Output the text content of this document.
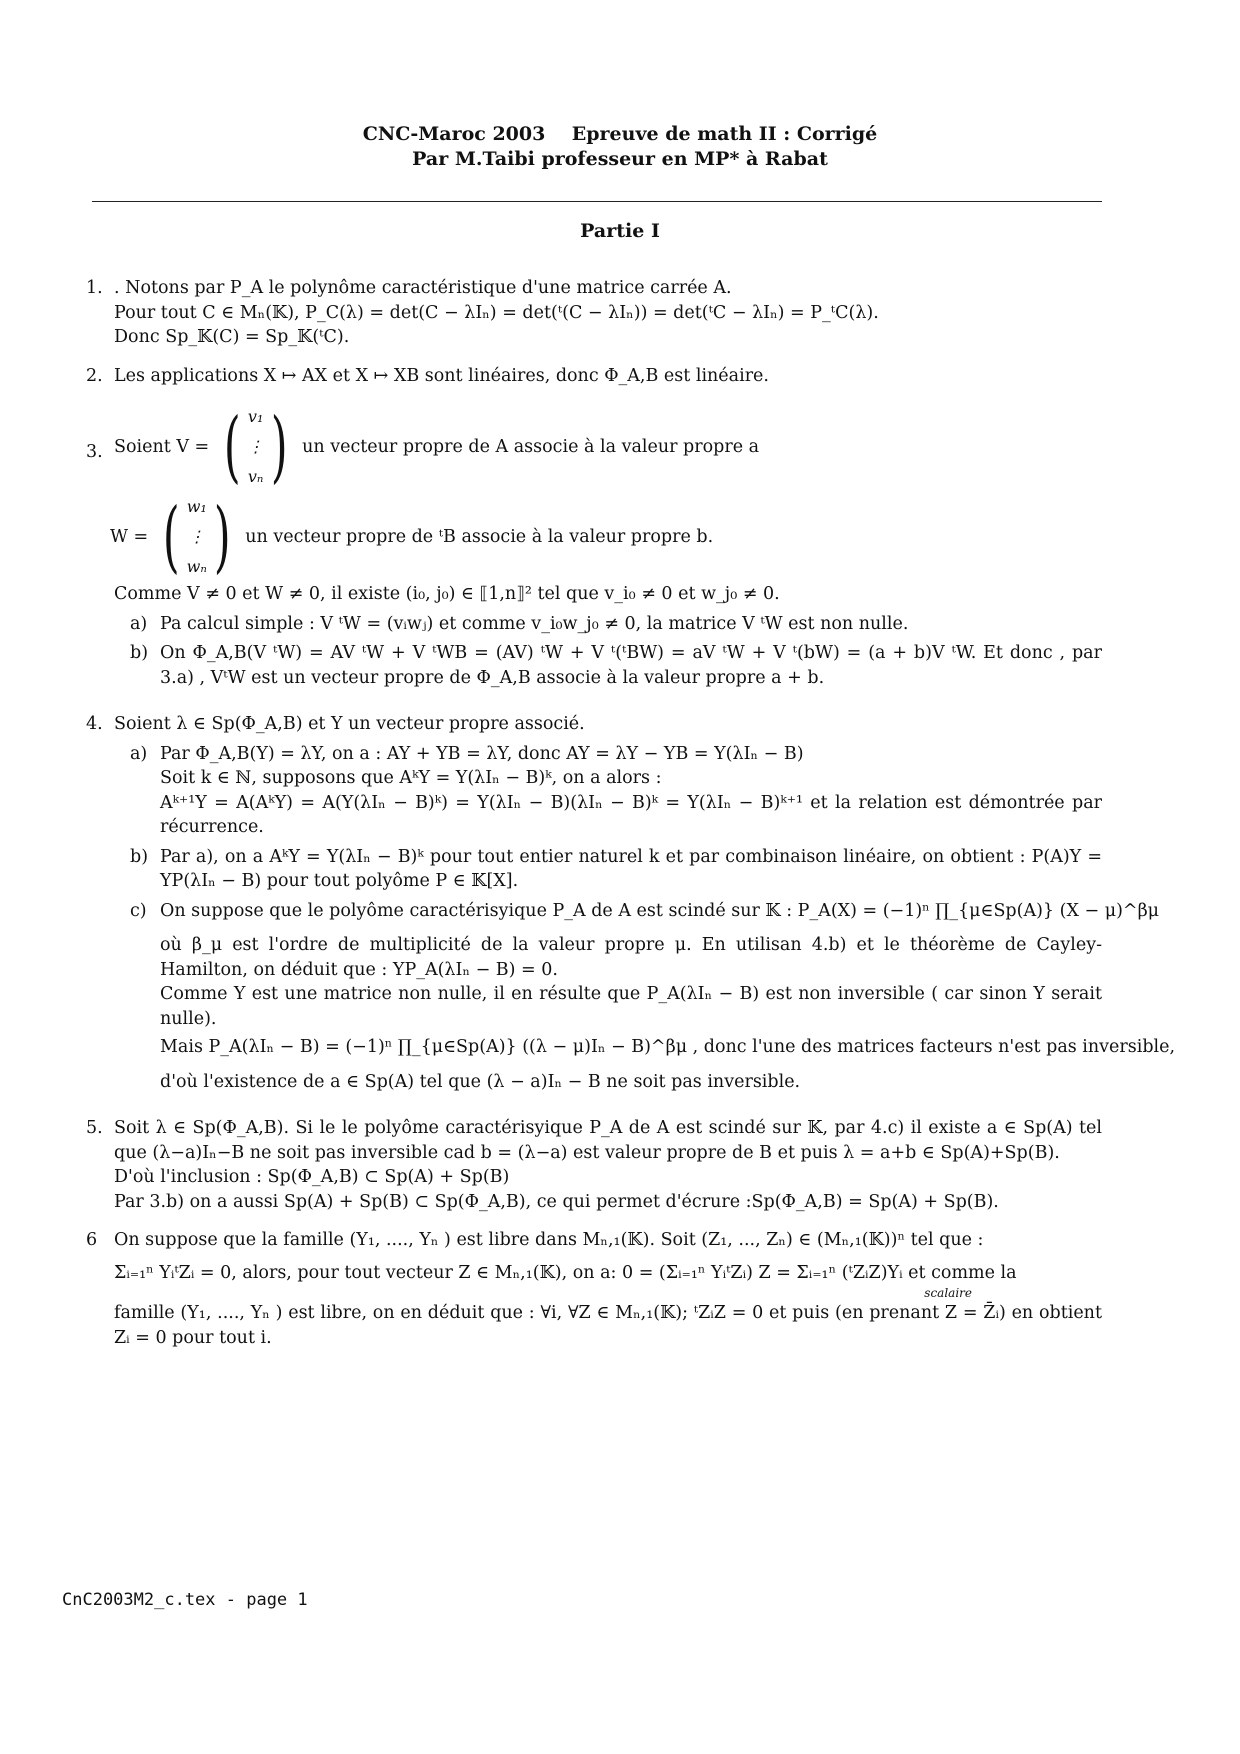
CNC-Maroc 2003    Epreuve de math II : Corrigé
Par M.Taibi professeur en MP* à Rabat
Partie I
1. . Notons par P_A le polynôme caractéristique d'une matrice carrée A.
Pour tout C ∈ Mₙ(𝕂), P_C(λ) = det(C − λIₙ) = det(ᵗ(C − λIₙ)) = det(ᵗC − λIₙ) = P_ᵗC(λ).
Donc Sp_𝕂(C) = Sp_𝕂(ᵗC).
2. Les applications X ↦ AX et X ↦ XB sont linéaires, donc Φ_A,B est linéaire.
3. Soient V = ( v₁
⋮
vₙ ) un vecteur propre de A associe à la valeur propre a
W = ( w₁
⋮
wₙ ) un vecteur propre de ᵗB associe à la valeur propre b.
Comme V ≠ 0 et W ≠ 0, il existe (i₀, j₀) ∈ ⟦1,n⟧² tel que v_i₀ ≠ 0 et w_j₀ ≠ 0.
a) Pa calcul simple : V ᵗW = (vᵢwⱼ) et comme v_i₀w_j₀ ≠ 0, la matrice V ᵗW est non nulle.
b) On Φ_A,B(V ᵗW) = AV ᵗW + V ᵗWB = (AV) ᵗW + V ᵗ(ᵗBW) = aV ᵗW + V ᵗ(bW) = (a + b)V ᵗW. Et donc , par 3.a) , VᵗW est un vecteur propre de Φ_A,B associe à la valeur propre a + b.
4. Soient λ ∈ Sp(Φ_A,B) et Y un vecteur propre associé.
a) Par Φ_A,B(Y) = λY, on a : AY + YB = λY, donc AY = λY − YB = Y(λIₙ − B)
Soit k ∈ ℕ, supposons que AᵏY = Y(λIₙ − B)ᵏ, on a alors :
Aᵏ⁺¹Y = A(AᵏY) = A(Y(λIₙ − B)ᵏ) = Y(λIₙ − B)(λIₙ − B)ᵏ = Y(λIₙ − B)ᵏ⁺¹ et la relation est démontrée par récurrence.
b) Par a), on a AᵏY = Y(λIₙ − B)ᵏ pour tout entier naturel k et par combinaison linéaire, on obtient : P(A)Y = YP(λIₙ − B) pour tout polyôme P ∈ 𝕂[X].
c) On suppose que le polyôme caractérisyique P_A de A est scindé sur 𝕂 : P_A(X) = (−1)ⁿ ∏_{μ∈Sp(A)} (X − μ)^βμ
où β_μ est l'ordre de multiplicité de la valeur propre μ. En utilisan 4.b) et le théorème de Cayley-Hamilton, on déduit que : YP_A(λIₙ − B) = 0.
Comme Y est une matrice non nulle, il en résulte que P_A(λIₙ − B) est non inversible ( car sinon Y serait nulle).
Mais P_A(λIₙ − B) = (−1)ⁿ ∏_{μ∈Sp(A)} ((λ − μ)Iₙ − B)^βμ , donc l'une des matrices facteurs n'est pas inversible,
d'où l'existence de a ∈ Sp(A) tel que (λ − a)Iₙ − B ne soit pas inversible.
5. Soit λ ∈ Sp(Φ_A,B). Si le le polyôme caractérisyique P_A de A est scindé sur 𝕂, par 4.c) il existe a ∈ Sp(A) tel que (λ−a)Iₙ−B ne soit pas inversible cad b = (λ−a) est valeur propre de B et puis λ = a+b ∈ Sp(A)+Sp(B).
D'où l'inclusion : Sp(Φ_A,B) ⊂ Sp(A) + Sp(B)
Par 3.b) on a aussi Sp(A) + Sp(B) ⊂ Sp(Φ_A,B), ce qui permet d'écrure :Sp(Φ_A,B) = Sp(A) + Sp(B).
6 On suppose que la famille (Y₁, ...., Yₙ ) est libre dans Mₙ,₁(𝕂). Soit (Z₁, ..., Zₙ) ∈ (Mₙ,₁(𝕂))ⁿ tel que :
Σᵢ₌₁ⁿ YᵢᵗZᵢ = 0, alors, pour tout vecteur Z ∈ Mₙ,₁(𝕂), on a: 0 = (Σᵢ₌₁ⁿ YᵢᵗZᵢ) Z = Σᵢ₌₁ⁿ (ᵗZᵢZ)Yᵢ et comme la
scalaire
famille (Y₁, ...., Yₙ ) est libre, on en déduit que : ∀i, ∀Z ∈ Mₙ,₁(𝕂); ᵗZᵢZ = 0 et puis (en prenant Z = Z̄ᵢ) en obtient Zᵢ = 0 pour tout i.
CnC2003M2_c.tex - page 1
